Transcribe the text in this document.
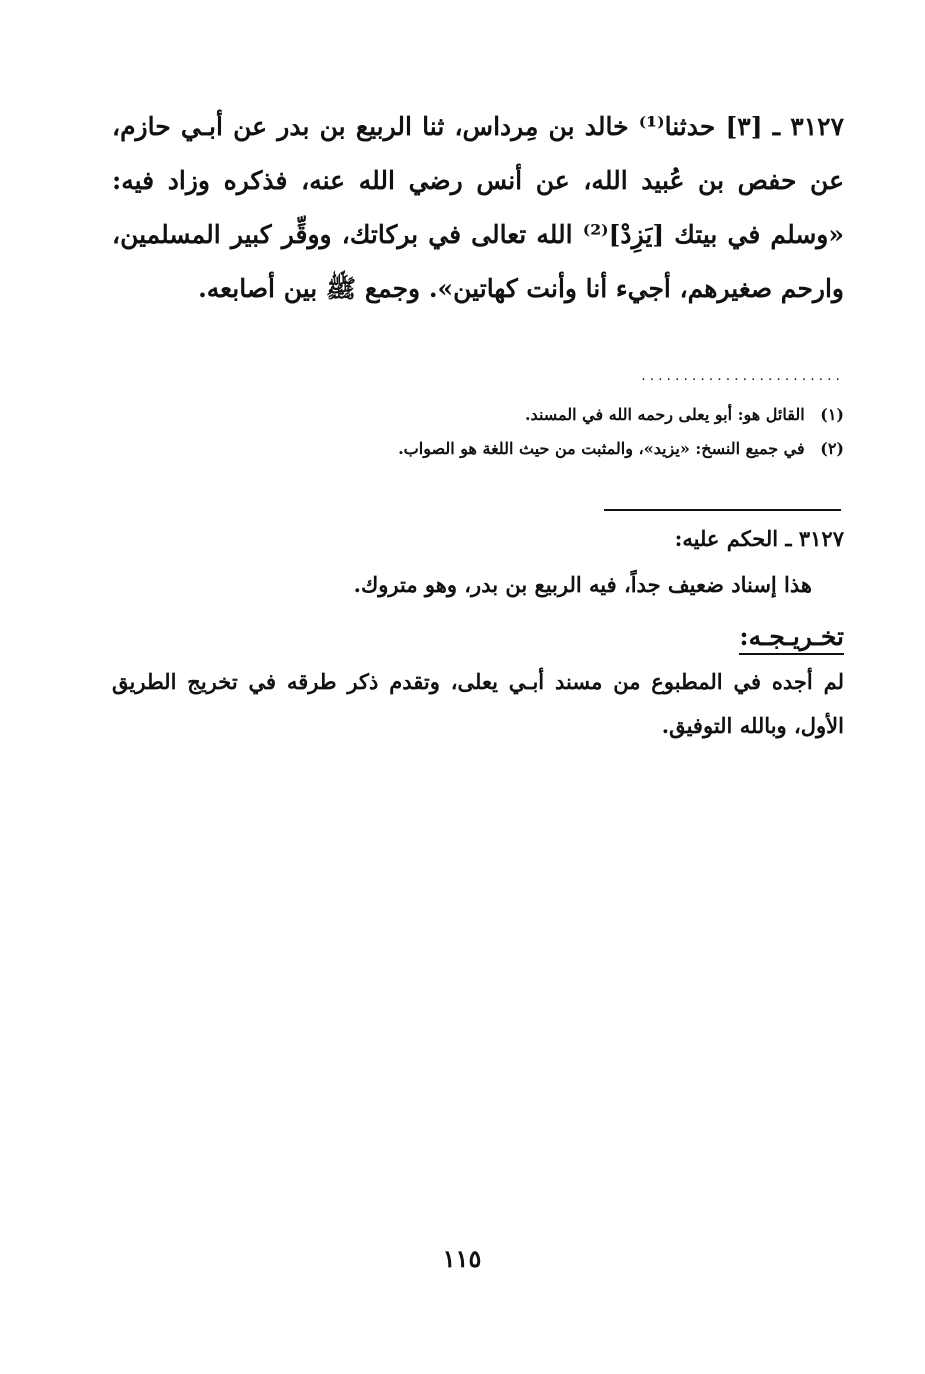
٣١٢٧ ـ [٣] حدثنا⁽¹⁾ خالد بن مِرداس، ثنا الربيع بن بدر عن أبـي حازم، عن حفص بن عُبيد الله، عن أنس رضي الله عنه، فذكره وزاد فيه: «وسلم في بيتك [يَزِدْ]⁽²⁾ الله تعالى في بركاتك، ووقِّر كبير المسلمين، وارحم صغيرهم، أجيء أنا وأنت كهاتين». وجمع ﷺ بين أصابعه.

........................

(١) القائل هو: أبو يعلى رحمه الله في المسند.

(٢) في جميع النسخ: «يزيد»، والمثبت من حيث اللغة هو الصواب.

٣١٢٧ ـ الحكم عليه:
هذا إسناد ضعيف جداً، فيه الربيع بن بدر، وهو متروك.
تخـريـجـه:

لم أجده في المطبوع من مسند أبـي يعلى، وتقدم ذكر طرقه في تخريج الطريق الأول، وبالله التوفيق.

١١٥
